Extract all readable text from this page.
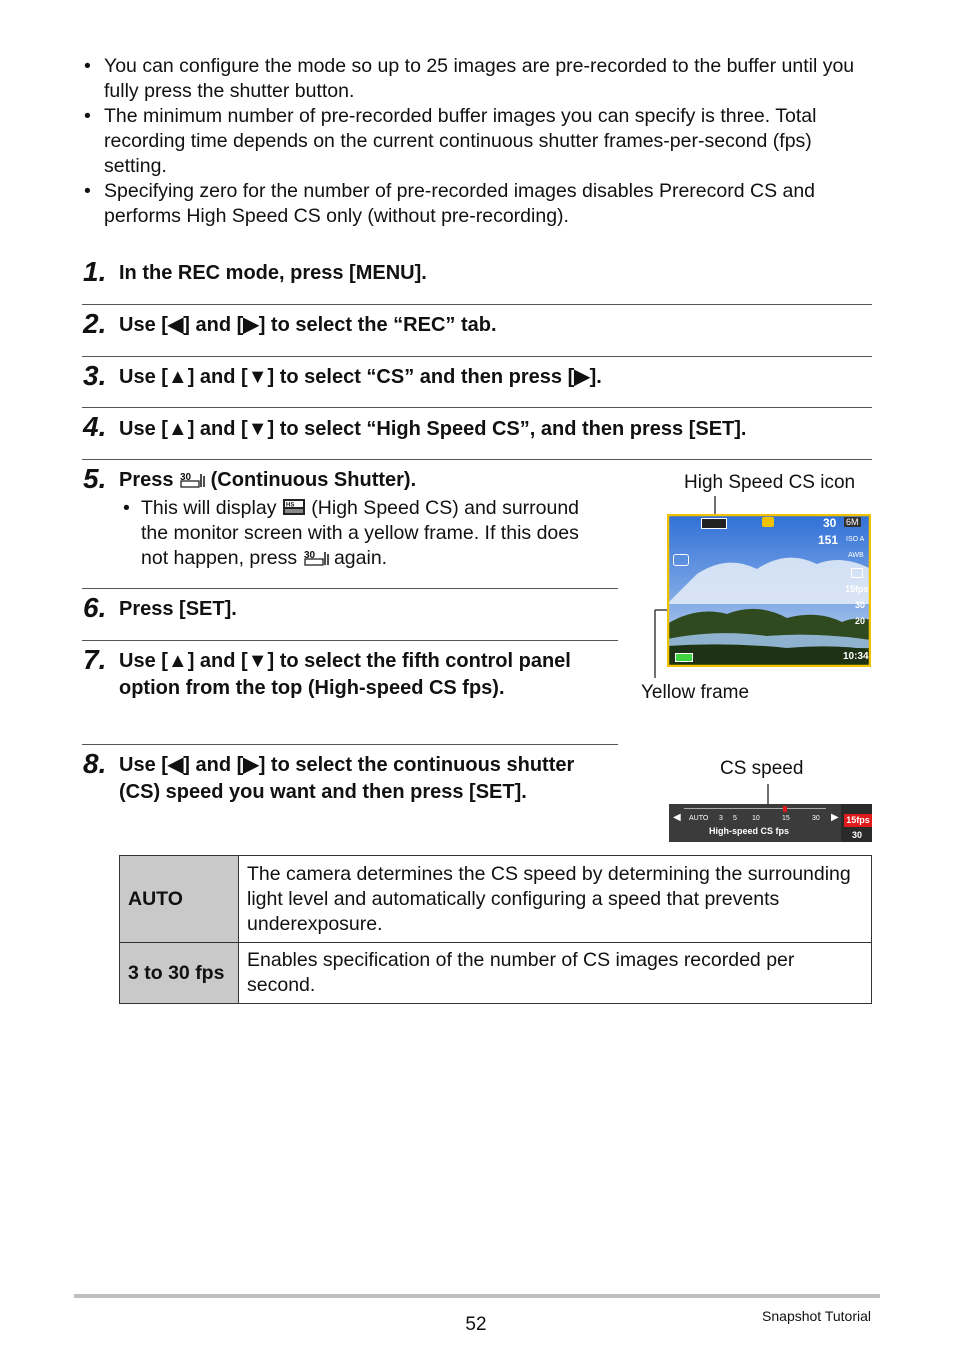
• You can configure the mode so up to 25 images are pre-recorded to the buffer until you fully press the shutter button.
• The minimum number of pre-recorded buffer images you can specify is three. Total recording time depends on the current continuous shutter frames-per-second (fps) setting.
• Specifying zero for the number of pre-recorded images disables Prerecord CS and performs High Speed CS only (without pre-recording).
1. In the REC mode, press [MENU].
2. Use [◀] and [▶] to select the “REC” tab.
3. Use [▲] and [▼] to select “CS” and then press [▶].
4. Use [▲] and [▼] to select “High Speed CS”, and then press [SET].
5. Press 30 (Continuous Shutter).
• This will display HS (High Speed CS) and surround the monitor screen with a yellow frame. If this does not happen, press 30 again.
6. Press [SET].
7. Use [▲] and [▼] to select the fifth control panel option from the top (High-speed CS fps).
8. Use [◀] and [▶] to select the continuous shutter (CS) speed you want and then press [SET].
High Speed CS icon
Yellow frame
CS speed
30 6M
151 ISO A
AWB
15fps
30
20
10:34
◀	▶
AUTO 3 5 10	15	30
High-speed CS fps
15fps
30
AUTO	The camera determines the CS speed by determining the surrounding light level and automatically configuring a speed that prevents underexposure.
3 to 30 fps	Enables specification of the number of CS images recorded per second.
52	Snapshot Tutorial
